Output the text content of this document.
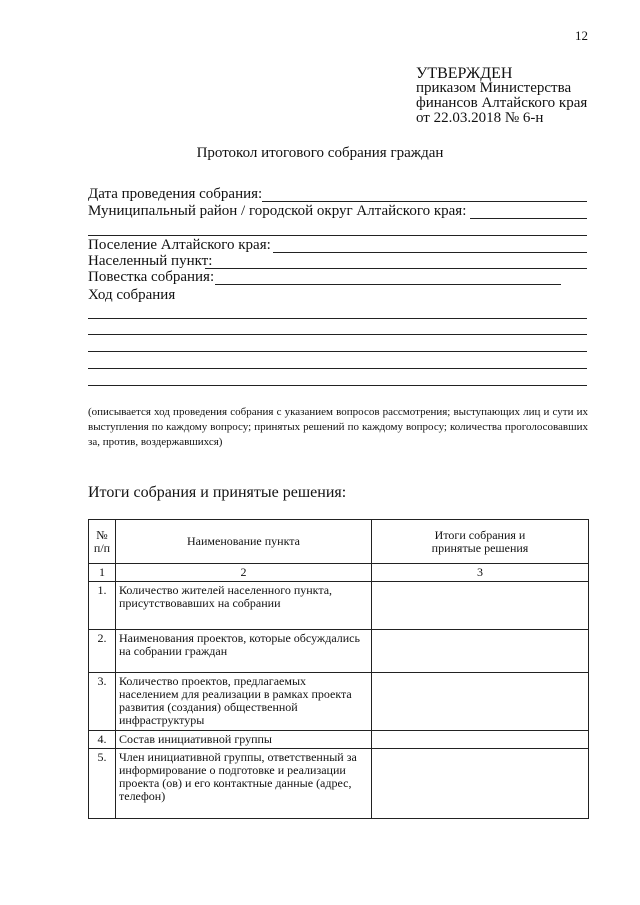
12
УТВЕРЖДЕН
приказом Министерства
финансов Алтайского края
от 22.03.2018 № 6-н
Протокол итогового собрания граждан
Дата проведения собрания:
Муниципальный район / городской округ Алтайского края:
Поселение Алтайского края:
Населенный пункт:
Повестка собрания:
Ход собрания
(описывается ход проведения собрания с указанием вопросов рассмотрения; выступающих лиц и сути их выступления по каждому вопросу; принятых решений по каждому вопросу; количества проголосовавших за, против, воздержавшихся)
Итоги собрания и принятые решения:
№ п/п	Наименование пункта	Итоги собрания и принятые решения
1	2	3
1.	Количество жителей населенного пункта, присутствовавших на собрании	
2.	Наименования проектов, которые обсуждались на собрании граждан	
3.	Количество проектов, предлагаемых населением для реализации в рамках проекта развития (создания) общественной инфраструктуры	
4.	Состав инициативной группы	
5.	Член инициативной группы, ответственный за информирование о подготовке и реализации проекта (ов) и его контактные данные (адрес, телефон)	
